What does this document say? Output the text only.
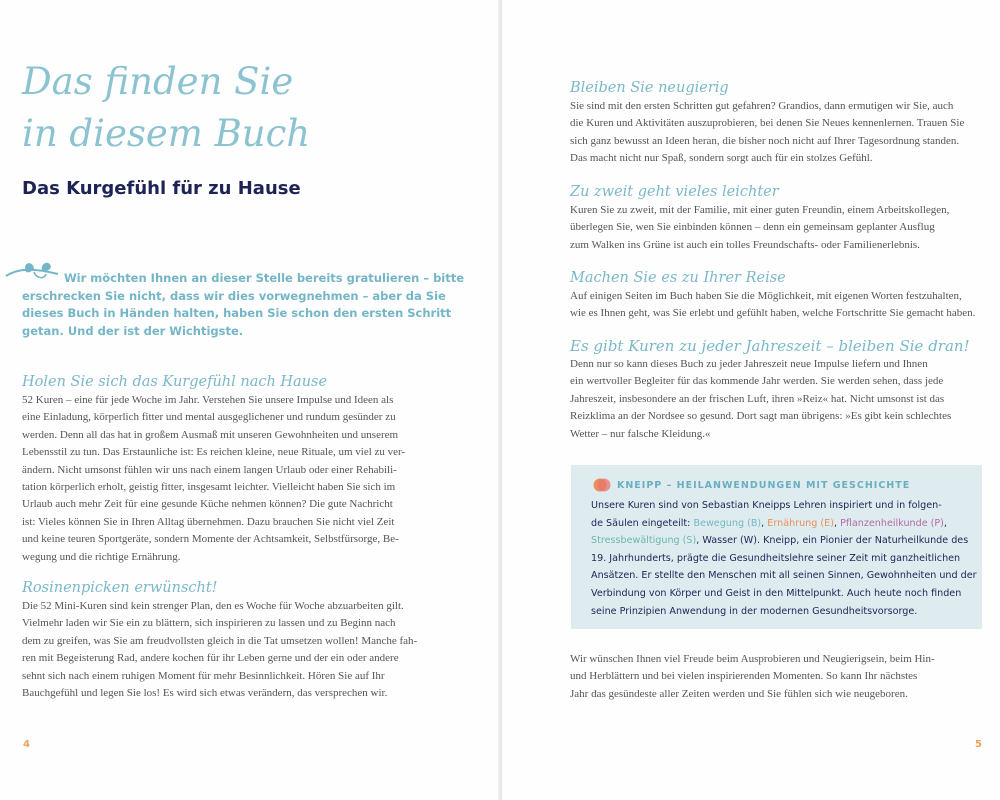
Das finden Sie
in diesem Buch
Das Kurgefühl für zu Hause

Wir möchten Ihnen an dieser Stelle bereits gratulieren – bitte
erschrecken Sie nicht, dass wir dies vorwegnehmen – aber da Sie
dieses Buch in Händen halten, haben Sie schon den ersten Schritt
getan. Und der ist der Wichtigste.

Holen Sie sich das Kurgefühl nach Hause

52 Kuren – eine für jede Woche im Jahr. Verstehen Sie unsere Impulse und Ideen als
eine Einladung, körperlich fitter und mental ausgeglichener und rundum gesünder zu
werden. Denn all das hat in großem Ausmaß mit unseren Gewohnheiten und unserem
Lebensstil zu tun. Das Erstaunliche ist: Es reichen kleine, neue Rituale, um viel zu ver-
ändern. Nicht umsonst fühlen wir uns nach einem langen Urlaub oder einer Rehabili-
tation körperlich erholt, geistig fitter, insgesamt leichter. Vielleicht haben Sie sich im
Urlaub auch mehr Zeit für eine gesunde Küche nehmen können? Die gute Nachricht
ist: Vieles können Sie in Ihren Alltag übernehmen. Dazu brauchen Sie nicht viel Zeit
und keine teuren Sportgeräte, sondern Momente der Achtsamkeit, Selbstfürsorge, Be-
wegung und die richtige Ernährung.

Rosinenpicken erwünscht!

Die 52 Mini-Kuren sind kein strenger Plan, den es Woche für Woche abzuarbeiten gilt.
Vielmehr laden wir Sie ein zu blättern, sich inspirieren zu lassen und zu Beginn nach
dem zu greifen, was Sie am freudvollsten gleich in die Tat umsetzen wollen! Manche fah-
ren mit Begeisterung Rad, andere kochen für ihr Leben gerne und der ein oder andere
sehnt sich nach einem ruhigen Moment für mehr Besinnlichkeit. Hören Sie auf Ihr
Bauchgefühl und legen Sie los! Es wird sich etwas verändern, das versprechen wir.

4
Bleiben Sie neugierig

Sie sind mit den ersten Schritten gut gefahren? Grandios, dann ermutigen wir Sie, auch
die Kuren und Aktivitäten auszuprobieren, bei denen Sie Neues kennenlernen. Trauen Sie
sich ganz bewusst an Ideen heran, die bisher noch nicht auf Ihrer Tagesordnung standen.
Das macht nicht nur Spaß, sondern sorgt auch für ein stolzes Gefühl.

Zu zweit geht vieles leichter

Kuren Sie zu zweit, mit der Familie, mit einer guten Freundin, einem Arbeitskollegen,
überlegen Sie, wen Sie einbinden können – denn ein gemeinsam geplanter Ausflug
zum Walken ins Grüne ist auch ein tolles Freundschafts- oder Familienerlebnis.

Machen Sie es zu Ihrer Reise

Auf einigen Seiten im Buch haben Sie die Möglichkeit, mit eigenen Worten festzuhalten,
wie es Ihnen geht, was Sie erlebt und gefühlt haben, welche Fortschritte Sie gemacht haben.

Es gibt Kuren zu jeder Jahreszeit – bleiben Sie dran!

Denn nur so kann dieses Buch zu jeder Jahreszeit neue Impulse liefern und Ihnen
ein wertvoller Begleiter für das kommende Jahr werden. Sie werden sehen, dass jede
Jahreszeit, insbesondere an der frischen Luft, ihren »Reiz« hat. Nicht umsonst ist das
Reizklima an der Nordsee so gesund. Dort sagt man übrigens: »Es gibt kein schlechtes
Wetter – nur falsche Kleidung.«

KNEIPP – HEILANWENDUNGEN MIT GESCHICHTE
Unsere Kuren sind von Sebastian Kneipps Lehren inspiriert und in folgen-
de Säulen eingeteilt: Bewegung (B), Ernährung (E), Pflanzenheilkunde (P),
Stressbewältigung (S), Wasser (W). Kneipp, ein Pionier der Naturheilkunde des
19. Jahrhunderts, prägte die Gesundheitslehre seiner Zeit mit ganzheitlichen
Ansätzen. Er stellte den Menschen mit all seinen Sinnen, Gewohnheiten und der
Verbindung von Körper und Geist in den Mittelpunkt. Auch heute noch finden
seine Prinzipien Anwendung in der modernen Gesundheitsvorsorge.

Wir wünschen Ihnen viel Freude beim Ausprobieren und Neugierigsein, beim Hin-
und Herblättern und bei vielen inspirierenden Momenten. So kann Ihr nächstes
Jahr das gesündeste aller Zeiten werden und Sie fühlen sich wie neugeboren.

5
